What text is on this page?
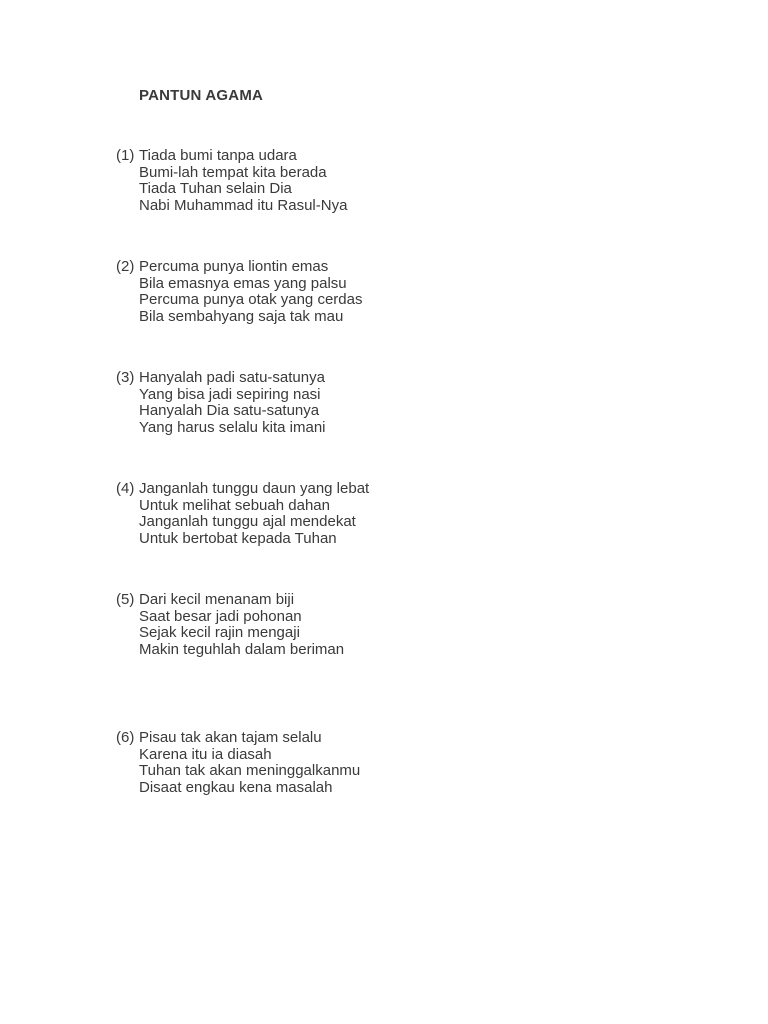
PANTUN AGAMA
(1) Tiada bumi tanpa udara
Bumi-lah tempat kita berada
Tiada Tuhan selain Dia
Nabi Muhammad itu Rasul-Nya
(2) Percuma punya liontin emas
Bila emasnya emas yang palsu
Percuma punya otak yang cerdas
Bila sembahyang saja tak mau
(3) Hanyalah padi satu-satunya
Yang bisa jadi sepiring nasi
Hanyalah Dia satu-satunya
Yang harus selalu kita imani
(4) Janganlah tunggu daun yang lebat
Untuk melihat sebuah dahan
Janganlah tunggu ajal mendekat
Untuk bertobat kepada Tuhan
(5) Dari kecil menanam biji
Saat besar jadi pohonan
Sejak kecil rajin mengaji
Makin teguhlah dalam beriman
(6) Pisau tak akan tajam selalu
Karena itu ia diasah
Tuhan tak akan meninggalkanmu
Disaat engkau kena masalah
